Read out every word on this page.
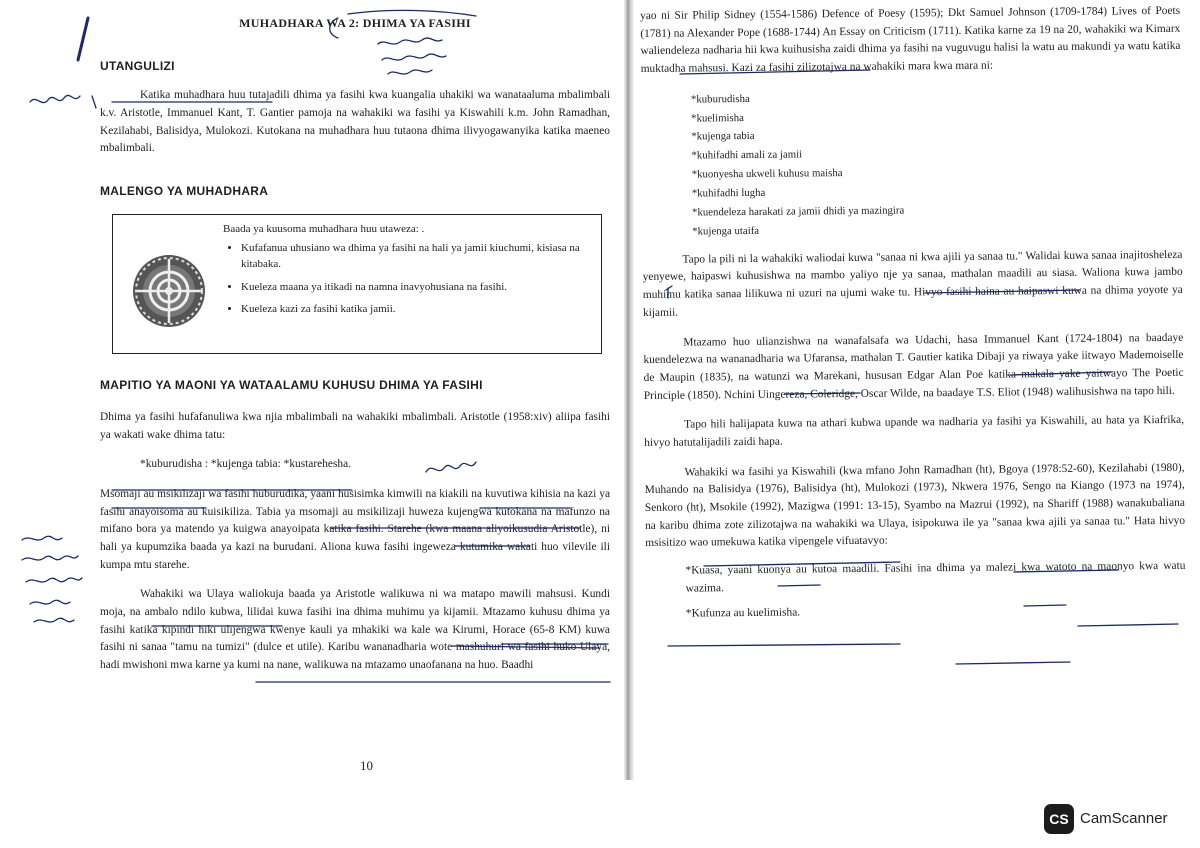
MUHADHARA WA 2: DHIMA YA FASIHI
UTANGULIZI

Katika muhadhara huu tutajadili dhima ya fasihi kwa kuangalia uhakiki wa wanataaluma mbalimbali k.v. Aristotle, Immanuel Kant, T. Gantier pamoja na wahakiki wa fasihi ya Kiswahili k.m. John Ramadhan, Kezilahabi, Balisidya, Mulokozi. Kutokana na muhadhara huu tutaona dhima ilivyogawanyika katika maeneo mbalimbali.

MALENGO YA MUHADHARA
Baada ya kuusoma muhadhara huu utaweza: .
• Kufafanua uhusiano wa dhima ya fasihi na hali ya jamii kiuchumi, kisiasa na kitabaka.
• Kueleza maana ya itikadi na namna inavyohusiana na fasihi.
• Kueleza kazi za fasihi katika jamii.
MAPITIO YA MAONI YA WATAALAMU KUHUSU DHIMA YA FASIHI

Dhima ya fasihi hufafanuliwa kwa njia mbalimbali na wahakiki mbalimbali. Aristotle (1958:xiv) aliipa fasihi ya wakati wake dhima tatu:

*kuburudisha : *kujenga tabia: *kustarehesha.

Msomaji au msikilizaji wa fasihi huburudika, yaani husisimka kimwili na kiakili na kuvutiwa kihisia na kazi ya fasihi anayoisoma au kuisikiliza. Tabia ya msomaji au msikilizaji huweza kujengwa kutokana na mafunzo na mifano bora ya matendo ya kuigwa anayoipata katika fasihi. Starehe (kwa maana aliyoikusudia Aristotle), ni hali ya kupumzika baada ya kazi na burudani. Aliona kuwa fasihi ingeweza kutumika wakati huo vilevile ili kumpa mtu starehe.

Wahakiki wa Ulaya waliokuja baada ya Aristotle walikuwa ni wa matapo mawili mahsusi. Kundi moja, na ambalo ndilo kubwa, lilidai kuwa fasihi ina dhima muhimu ya kijamii. Mtazamo kuhusu dhima ya fasihi katika kipindi hiki ulijengwa kwenye kauli ya mhakiki wa kale wa Kirumi, Horace (65-8 KM) kuwa fasihi ni sanaa "tamu na tumizi" (dulce et utile). Karibu wananadharia wote mashuhuri wa fasihi huko Ulaya, hadi mwishoni mwa karne ya kumi na nane, walikuwa na mtazamo unaofanana na huo. Baadhi

10

yao ni Sir Philip Sidney (1554-1586) Defence of Poesy (1595); Dkt Samuel Johnson (1709-1784) Lives of Poets (1781) na Alexander Pope (1688-1744) An Essay on Criticism (1711). Katika karne za 19 na 20, wahakiki wa Kimarx waliendeleza nadharia hii kwa kuihusisha zaidi dhima ya fasihi na vuguvugu halisi la watu au makundi ya watu katika muktadha mahsusi. Kazi za fasihi zilizotajwa na wahakiki mara kwa mara ni:

*kuburudisha
*kuelimisha
*kujenga tabia
*kuhifadhi amali za jamii
*kuonyesha ukweli kuhusu maisha
*kuhifadhi lugha
*kuendeleza harakati za jamii dhidi ya mazingira
*kujenga utaifa

Tapo la pili ni la wahakiki waliodai kuwa "sanaa ni kwa ajili ya sanaa tu." Walidai kuwa sanaa inajitosheleza yenyewe, haipaswi kuhusishwa na mambo yaliyo nje ya sanaa, mathalan maadili au siasa. Waliona kuwa jambo muhimu katika sanaa lilikuwa ni uzuri na ujumi wake tu. Hivyo fasihi haina au haipaswi kuwa na dhima yoyote ya kijamii.

Mtazamo huo ulianzishwa na wanafalsafa wa Udachi, hasa Immanuel Kant (1724-1804) na baadaye kuendelezwa na wananadharia wa Ufaransa, mathalan T. Gautier katika Dibaji ya riwaya yake iitwayo Mademoiselle de Maupin (1835), na watunzi wa Marekani, hususan Edgar Alan Poe katika makala yake yaitwayo The Poetic Principle (1850). Nchini Uingereza, Coleridge, Oscar Wilde, na baadaye T.S. Eliot (1948) walihusishwa na tapo hili.

Tapo hili halijapata kuwa na athari kubwa upande wa nadharia ya fasihi ya Kiswahili, au hata ya Kiafrika, hivyo hatutalijadili zaidi hapa.

Wahakiki wa fasihi ya Kiswahili (kwa mfano John Ramadhan (ht), Bgoya (1978:52-60), Kezilahabi (1980), Muhando na Balisidya (1976), Balisidya (ht), Mulokozi (1973), Nkwera 1976, Sengo na Kiango (1973 na 1974), Senkoro (ht), Msokile (1992), Mazigwa (1991: 13-15), Syambo na Mazrui (1992), na Shariff (1988) wanakubaliana na karibu dhima zote zilizotajwa na wahakiki wa Ulaya, isipokuwa ile ya "sanaa kwa ajili ya sanaa tu." Hata hivyo msisitizo wao umekuwa katika vipengele vifuatavyo:

*Kuasa, yaani kuonya au kutoa maadili. Fasihi ina dhima ya malezi kwa watoto na maonyo kwa watu wazima.

*Kufunza au kuelimisha.

CS CamScanner
